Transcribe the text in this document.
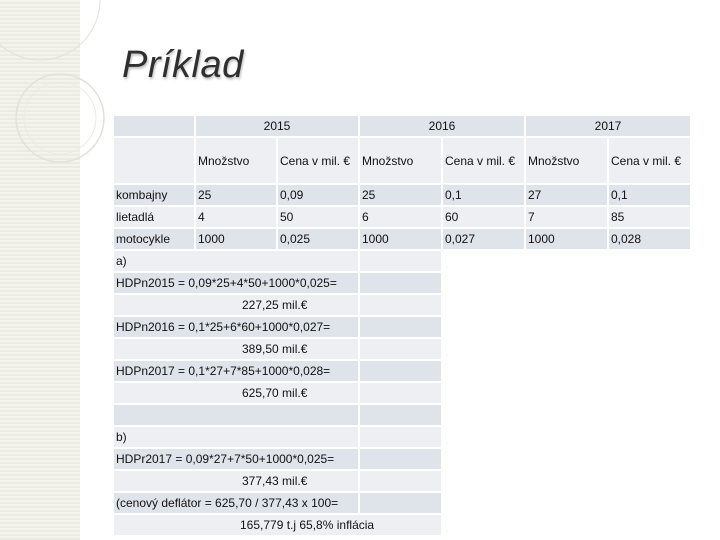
Príklad
	2015		2016		2017	
	Množstvo	Cena v mil. €	Množstvo	Cena v mil. €	Množstvo	Cena v mil. €
kombajny	25	0,09	25	0,1	27	0,1
lietadlá	4	50	6	60	7	85
motocykle	1000	0,025	1000	0,027	1000	0,028
a)						
HDPn2015 = 0,09*25+4*50+1000*0,025=						
227,25 mil.€						
HDPn2016 = 0,1*25+6*60+1000*0,027=						
389,50 mil.€						
HDPn2017 = 0,1*27+7*85+1000*0,028=						
625,70 mil.€						

b)						
HDPr2017 = 0,09*27+7*50+1000*0,025=						
377,43 mil.€						
(cenový deflátor = 625,70 / 377,43 x 100=						
165,779 t.j 65,8% inflácia						
